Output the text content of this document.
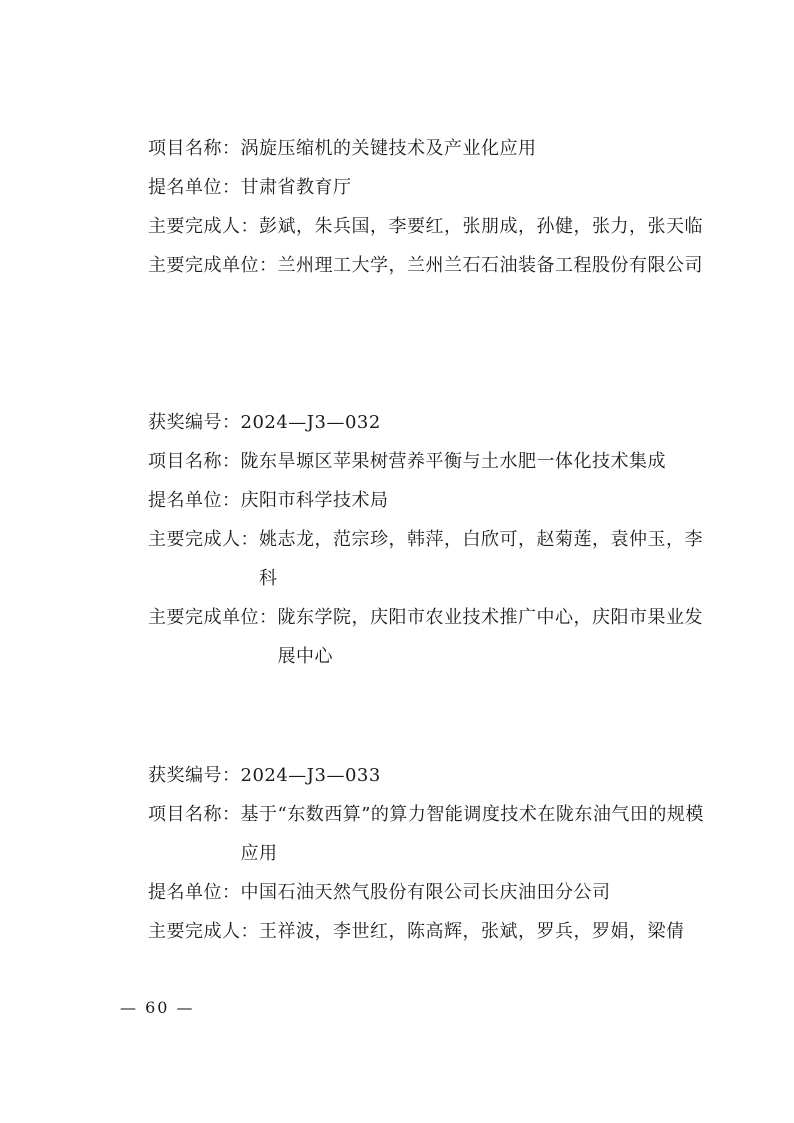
项目名称： 涡旋压缩机的关键技术及产业化应用
提名单位： 甘肃省教育厅
主要完成人： 彭斌，朱兵国，李要红，张朋成，孙健，张力，张天临
主要完成单位： 兰州理工大学，兰州兰石石油装备工程股份有限公司
获奖编号： 2024—J3—032
项目名称： 陇东旱塬区苹果树营养平衡与土水肥一体化技术集成
提名单位： 庆阳市科学技术局
主要完成人： 姚志龙，范宗珍，韩萍，白欣可，赵菊莲，袁仲玉，李科
主要完成单位： 陇东学院，庆阳市农业技术推广中心，庆阳市果业发展中心
获奖编号： 2024—J3—033
项目名称： 基于“东数西算”的算力智能调度技术在陇东油气田的规模应用
提名单位： 中国石油天然气股份有限公司长庆油田分公司
主要完成人： 王祥波，李世红，陈高辉，张斌，罗兵，罗娟，梁倩
— 60 —
